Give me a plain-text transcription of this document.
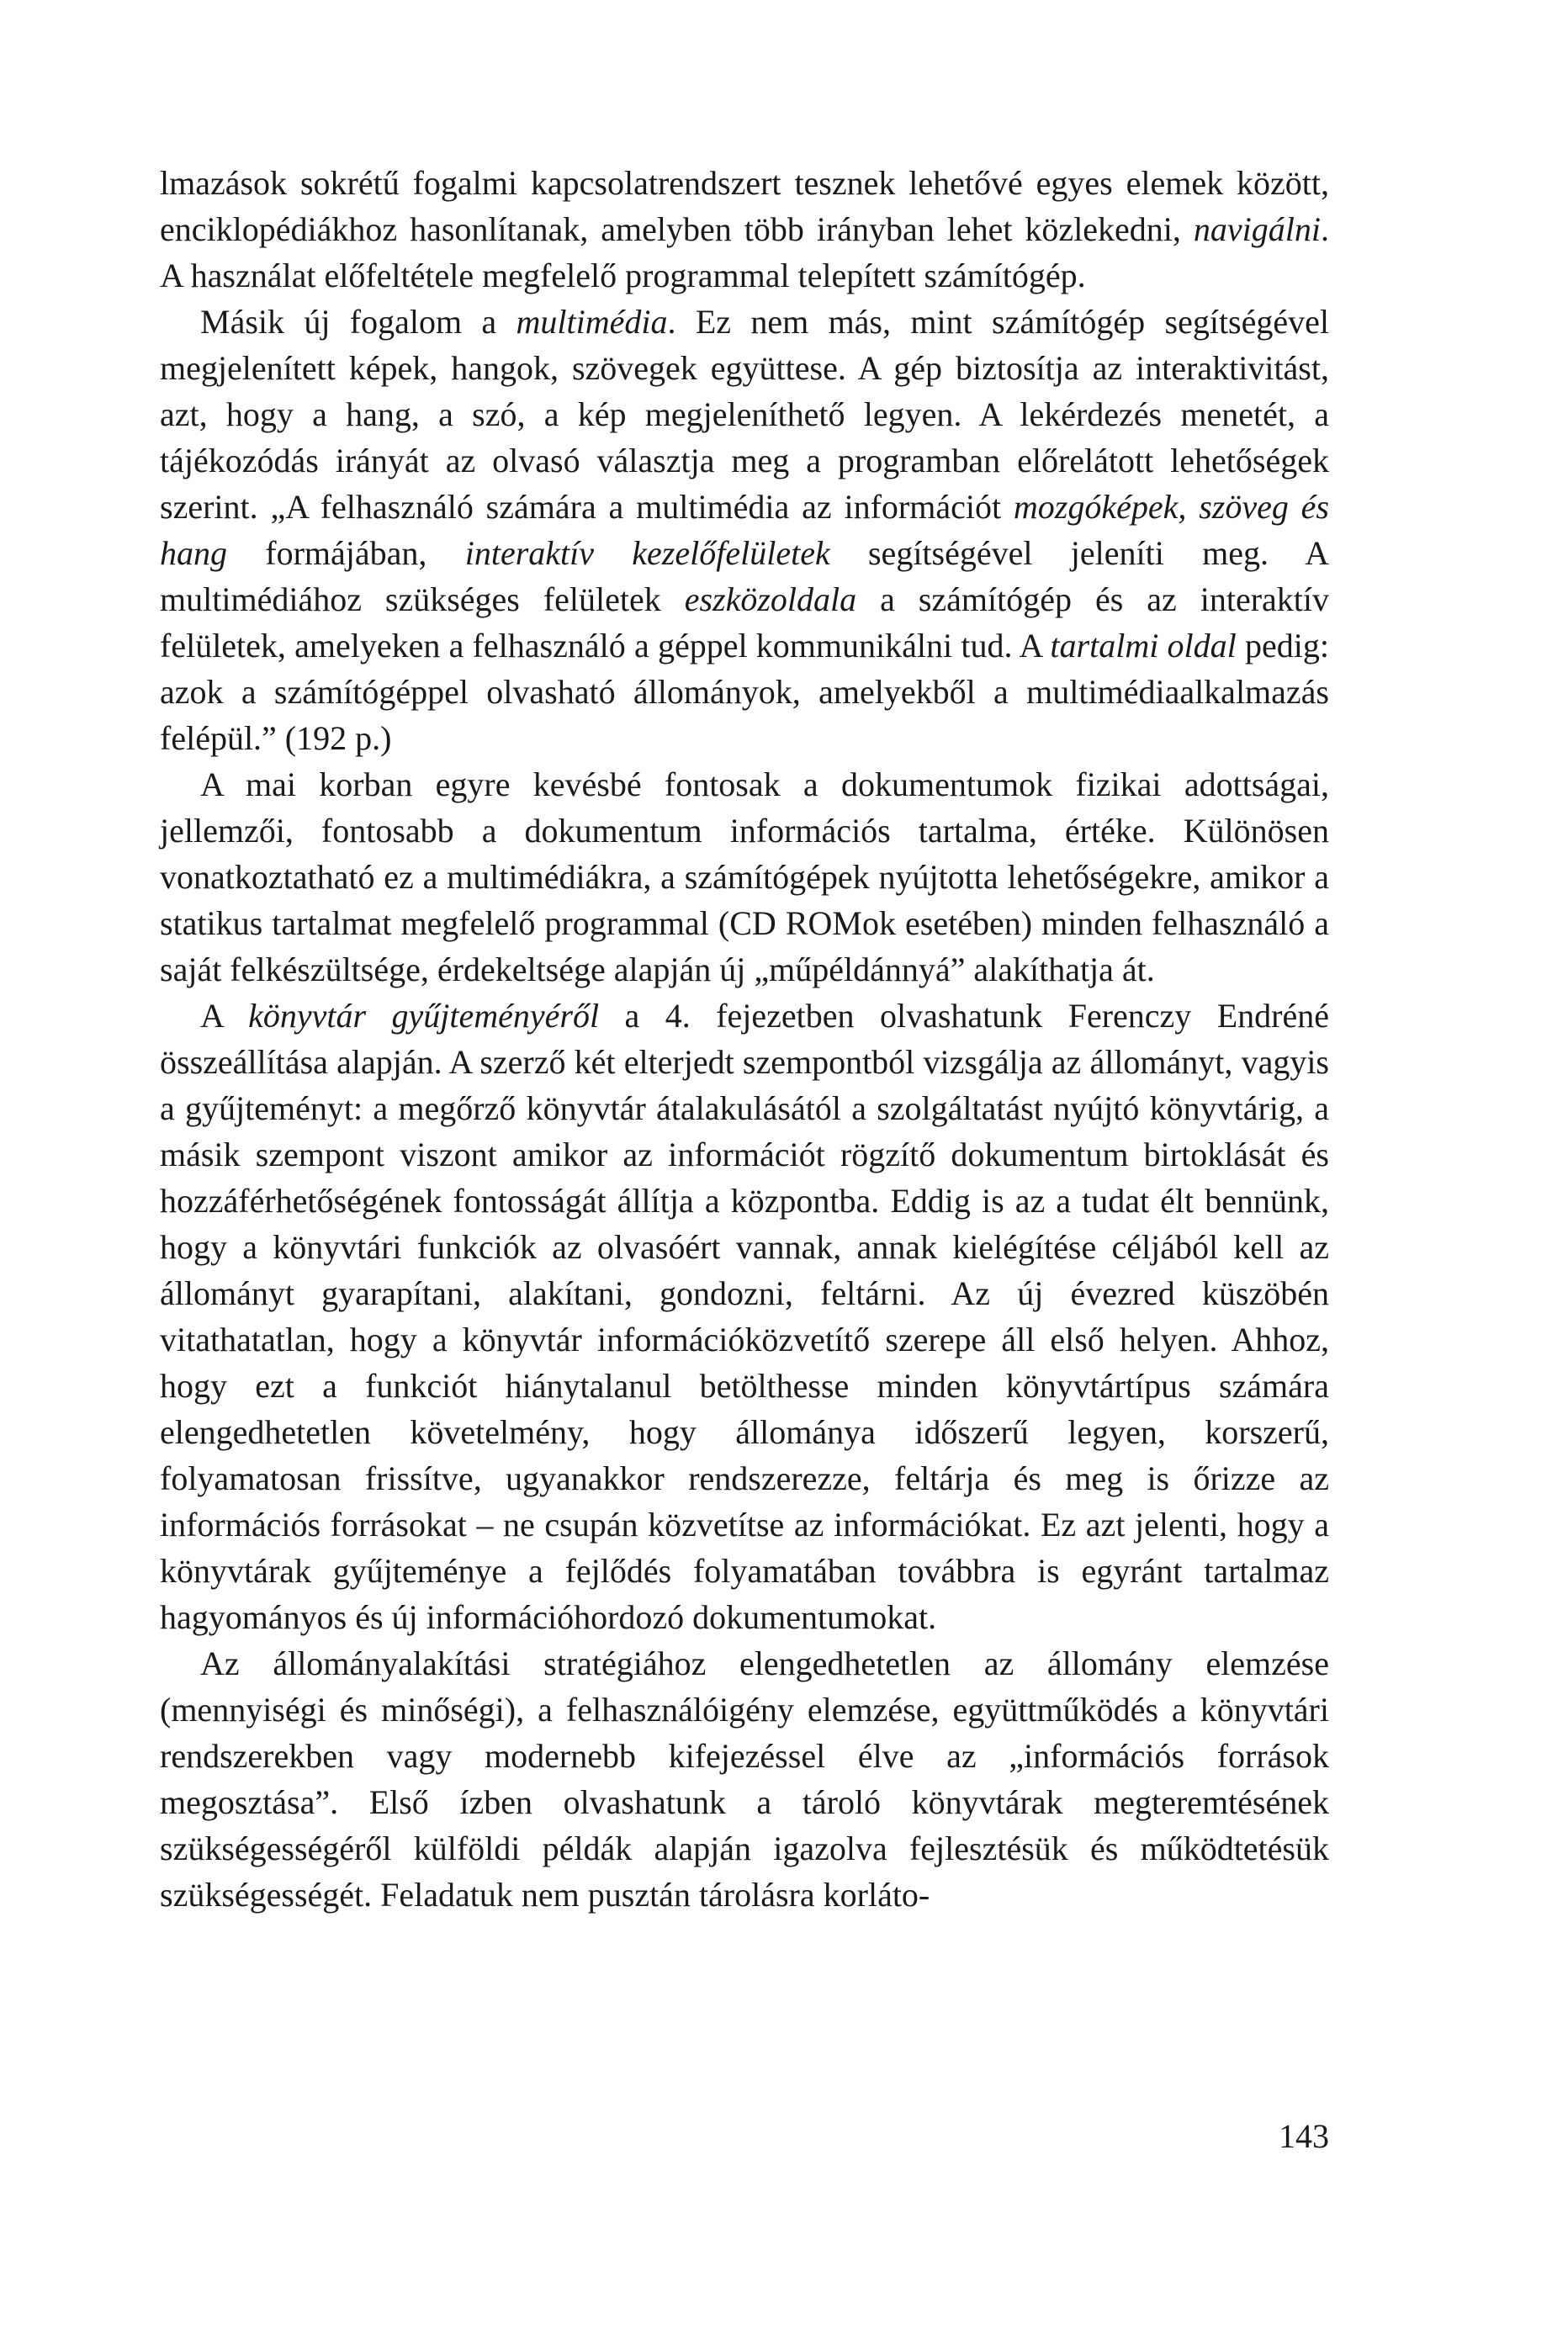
lmazások sokrétű fogalmi kapcsolatrendszert tesznek lehetővé egyes elemek között, enciklopédiákhoz hasonlítanak, amelyben több irányban lehet közlekedni, navigálni. A használat előfeltétele megfelelő programmal telepített számítógép.

Másik új fogalom a multimédia. Ez nem más, mint számítógép segítségével megjelenített képek, hangok, szövegek együttese. A gép biztosítja az interaktivitást, azt, hogy a hang, a szó, a kép megjeleníthető legyen. A lekérdezés menetét, a tájékozódás irányát az olvasó választja meg a programban előrelátott lehetőségek szerint. „A felhasználó számára a multimédia az információt mozgóképek, szöveg és hang formájában, interaktív kezelőfelületek segítségével jeleníti meg. A multimédiához szükséges felületek eszközoldala a számítógép és az interaktív felületek, amelyeken a felhasználó a géppel kommunikálni tud. A tartalmi oldal pedig: azok a számítógéppel olvasható állományok, amelyekből a multimédiaalkalmazás felépül.” (192 p.)

A mai korban egyre kevésbé fontosak a dokumentumok fizikai adottságai, jellemzői, fontosabb a dokumentum információs tartalma, értéke. Különösen vonatkoztatható ez a multimédiákra, a számítógépek nyújtotta lehetőségekre, amikor a statikus tartalmat megfelelő programmal (CD ROMok esetében) minden felhasználó a saját felkészültsége, érdekeltsége alapján új „műpéldánnyá” alakíthatja át.

A könyvtár gyűjteményéről a 4. fejezetben olvashatunk Ferenczy Endréné összeállítása alapján. A szerző két elterjedt szempontból vizsgálja az állományt, vagyis a gyűjteményt: a megőrző könyvtár átalakulásától a szolgáltatást nyújtó könyvtárig, a másik szempont viszont amikor az információt rögzítő dokumentum birtoklását és hozzáférhetőségének fontosságát állítja a központba. Eddig is az a tudat élt bennünk, hogy a könyvtári funkciók az olvasóért vannak, annak kielégítése céljából kell az állományt gyarapítani, alakítani, gondozni, feltárni. Az új évezred küszöbén vitathatatlan, hogy a könyvtár információközvetítő szerepe áll első helyen. Ahhoz, hogy ezt a funkciót hiánytalanul betölthesse minden könyvtártípus számára elengedhetetlen követelmény, hogy állománya időszerű legyen, korszerű, folyamatosan frissítve, ugyanakkor rendszerezze, feltárja és meg is őrizze az információs forrásokat – ne csupán közvetítse az információkat. Ez azt jelenti, hogy a könyvtárak gyűjteménye a fejlődés folyamatában továbbra is egyránt tartalmaz hagyományos és új információhordozó dokumentumokat.

Az állományalakítási stratégiához elengedhetetlen az állomány elemzése (mennyiségi és minőségi), a felhasználóigény elemzése, együttműködés a könyvtári rendszerekben vagy modernebb kifejezéssel élve az „információs források megosztása”. Első ízben olvashatunk a tároló könyvtárak megteremtésének szükségességéről külföldi példák alapján igazolva fejlesztésük és működtetésük szükségességét. Feladatuk nem pusztán tárolásra korláto-

143
